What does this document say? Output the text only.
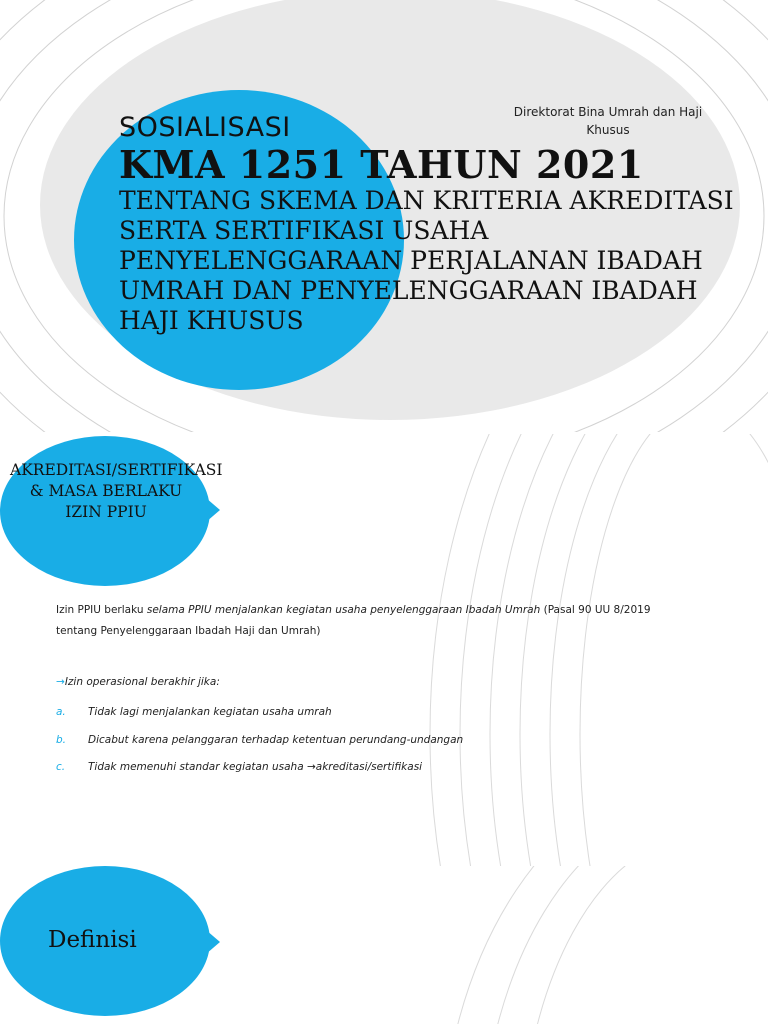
Direktorat Bina Umrah dan Haji Khusus
SOSIALISASI
KMA 1251 TAHUN 2021
TENTANG SKEMA DAN KRITERIA AKREDITASI SERTA SERTIFIKASI USAHA PENYELENGGARAAN PERJALANAN IBADAH UMRAH DAN PENYELENGGARAAN IBADAH HAJI KHUSUS
AKREDITASI/SERTIFIKASI & MASA BERLAKU IZIN PPIU
Izin PPIU berlaku selama PPIU menjalankan kegiatan usaha penyelenggaraan Ibadah Umrah (Pasal 90 UU 8/2019 tentang Penyelenggaraan Ibadah Haji dan Umrah)
→Izin operasional berakhir jika:
a. Tidak lagi menjalankan kegiatan usaha umrah
b. Dicabut karena pelanggaran terhadap ketentuan perundang-undangan
c. Tidak memenuhi standar kegiatan usaha →akreditasi/sertifikasi
Definisi
